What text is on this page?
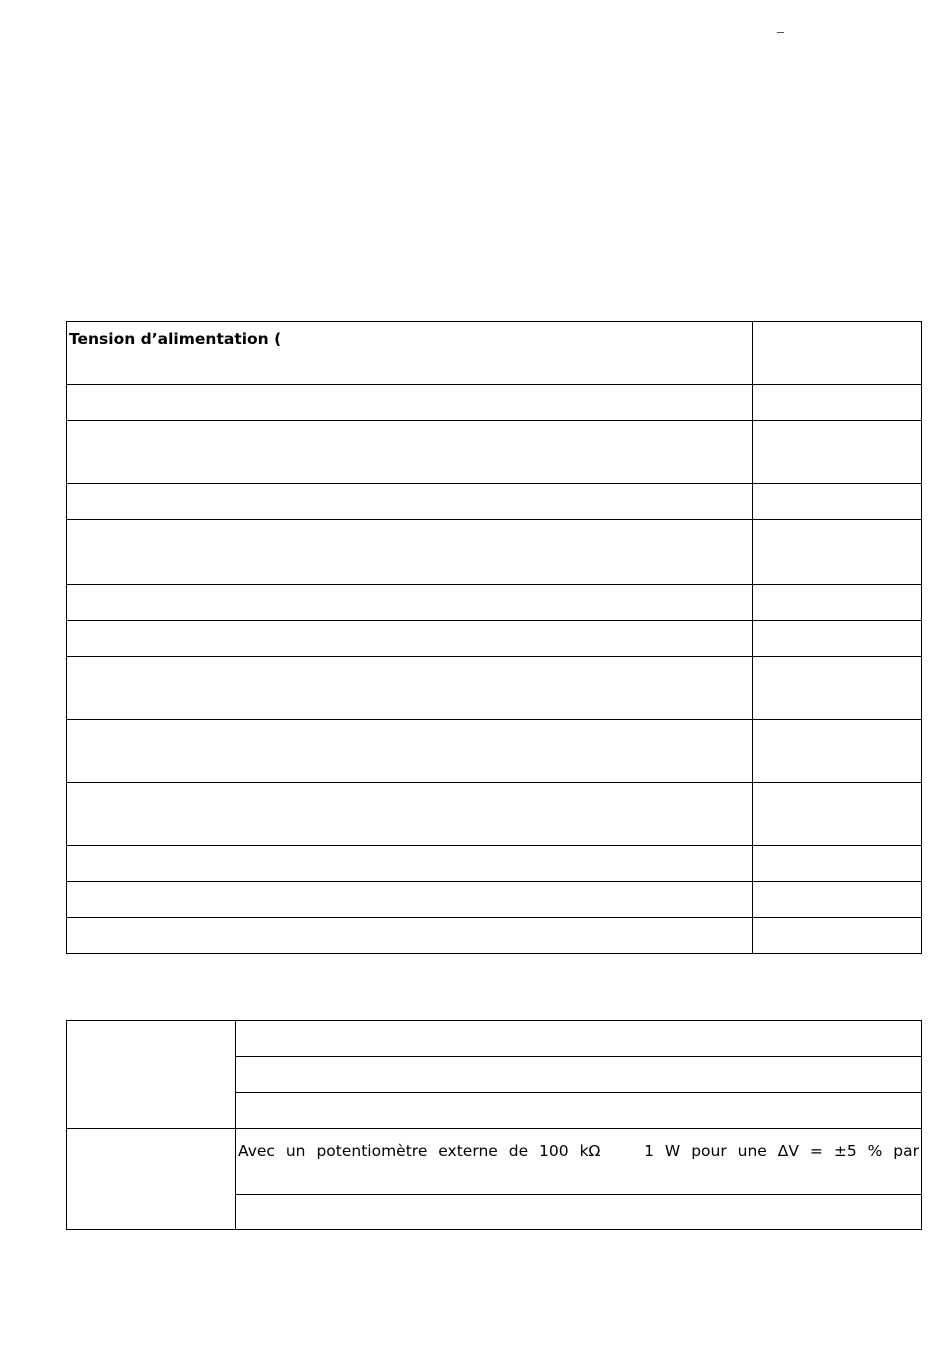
Tension d’alimentation (	

	Avec un potentiomètre externe de 100 kΩ    1 W pour une ΔV = ±5 % par
